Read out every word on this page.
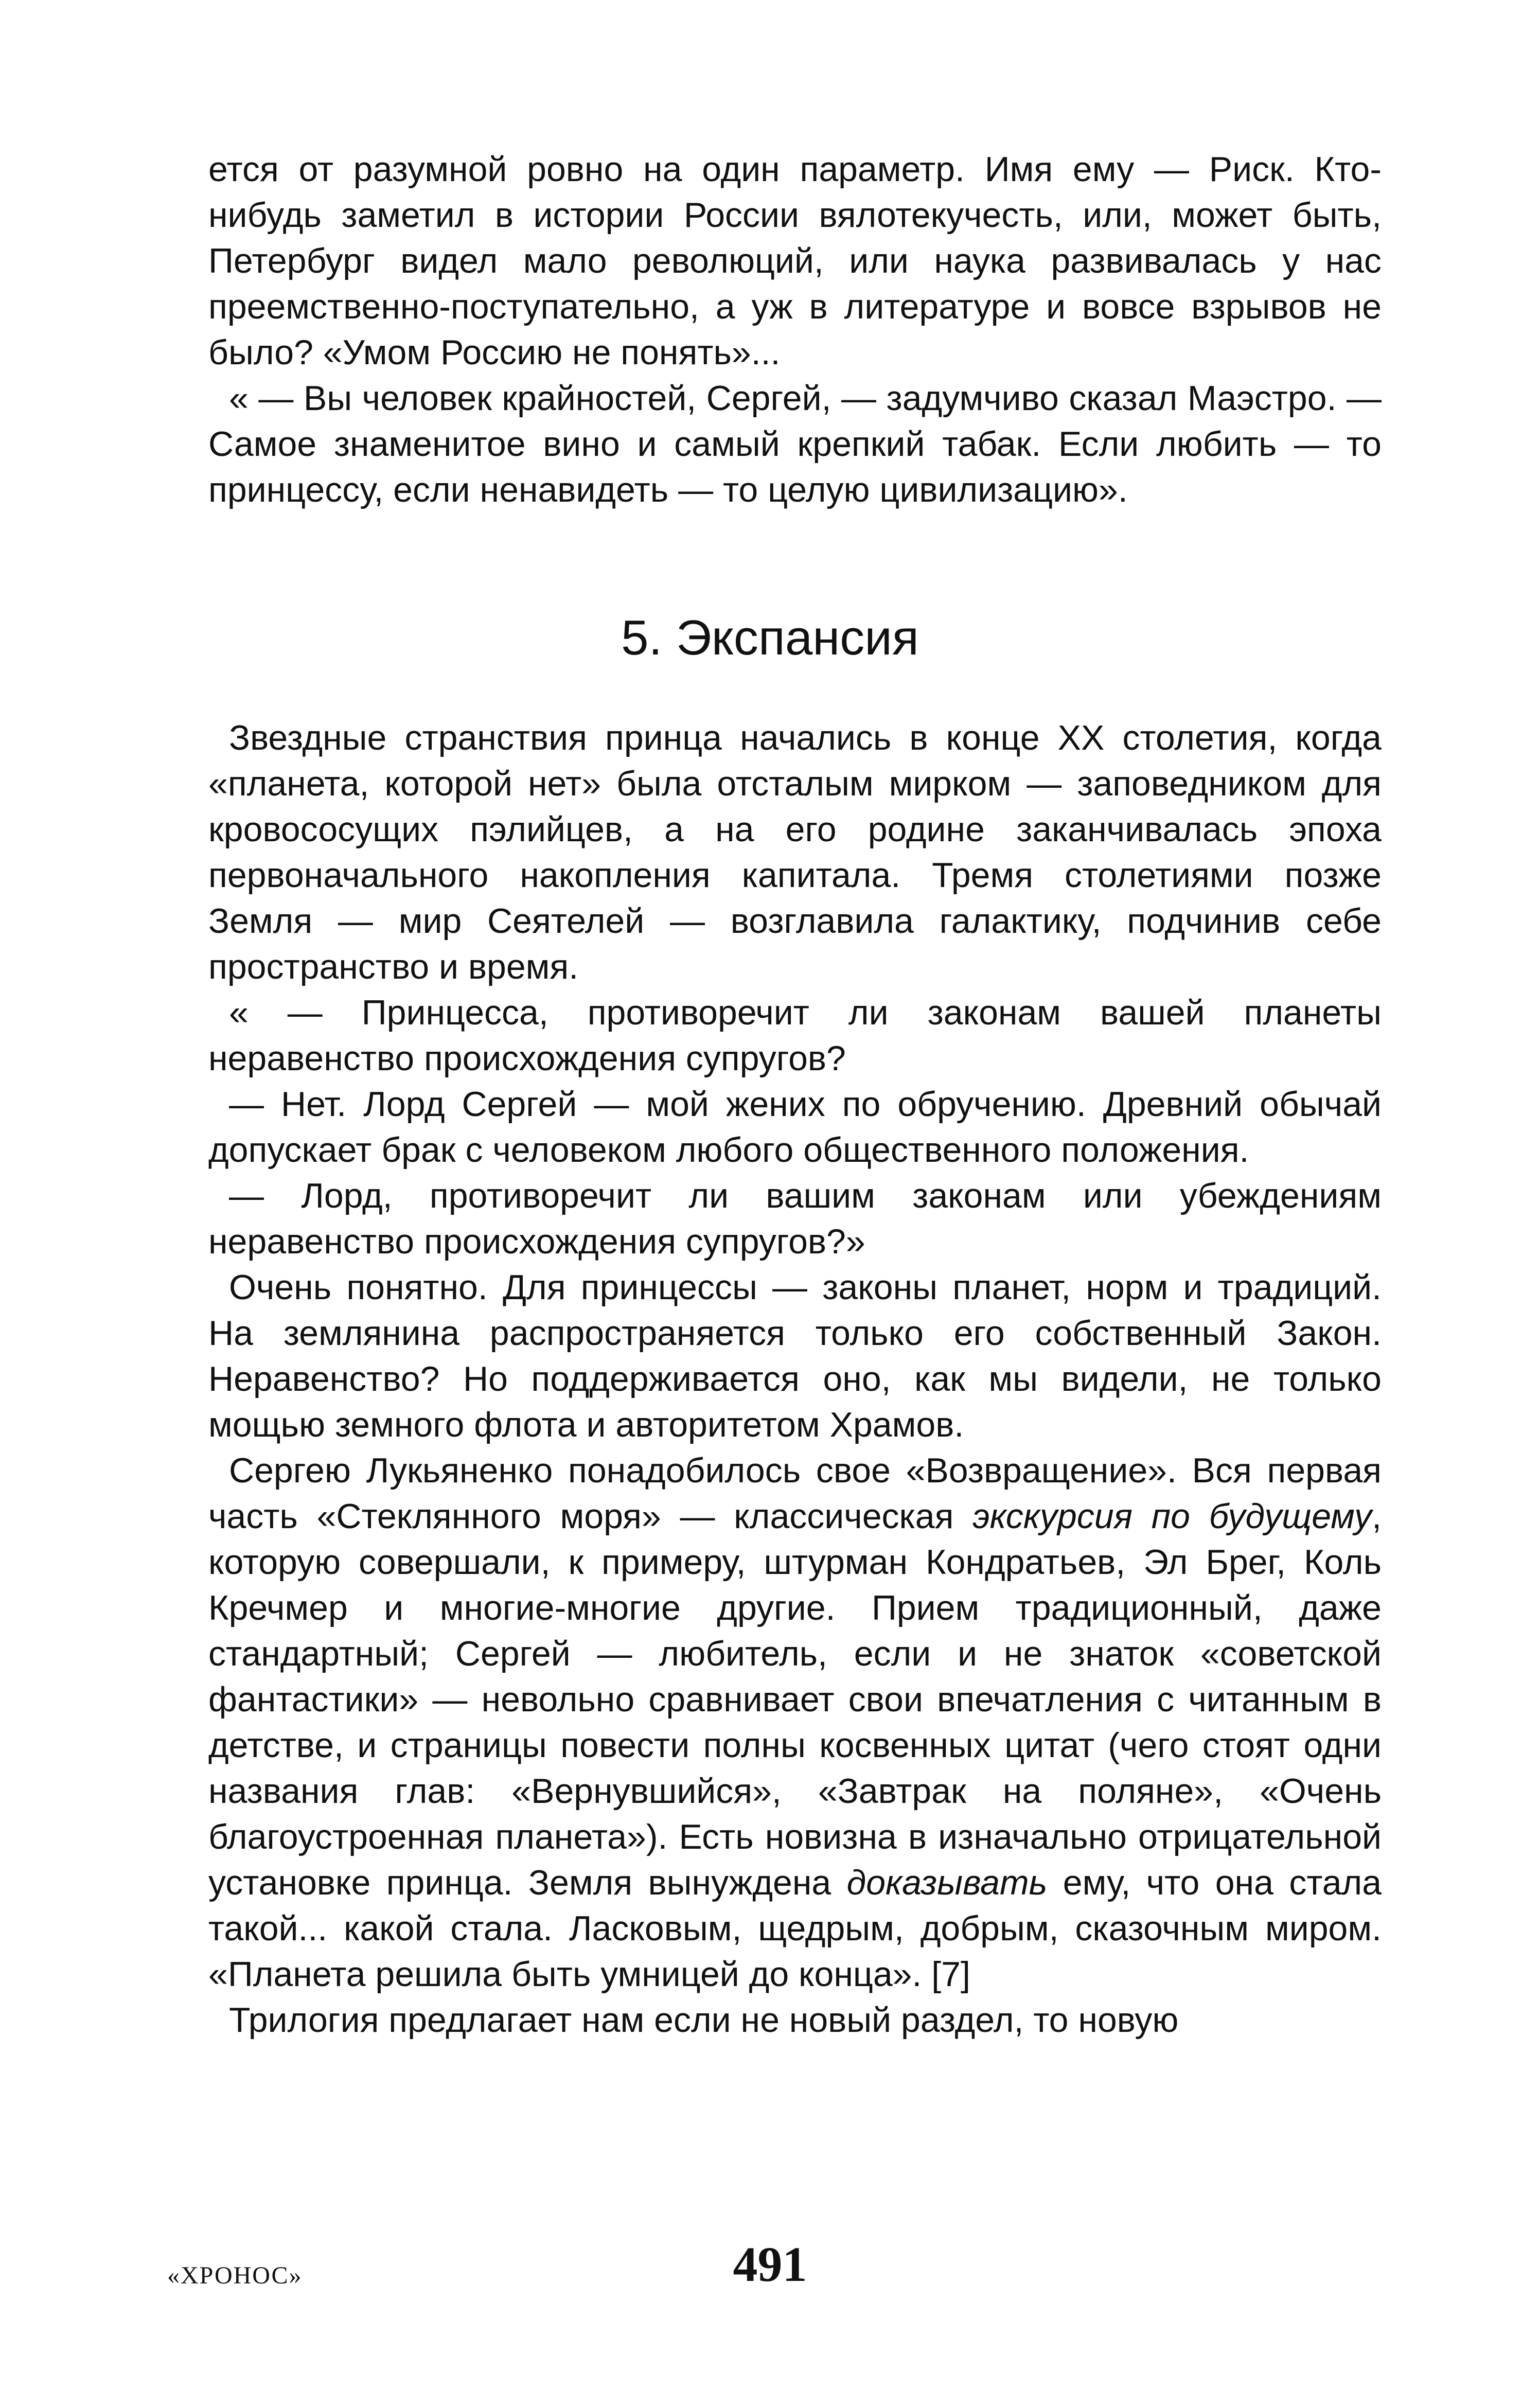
ется от разумной ровно на один параметр. Имя ему — Риск. Кто-нибудь заметил в истории России вялотекучесть, или, может быть, Петербург видел мало революций, или наука развивалась у нас преемственно-поступательно, а уж в литературе и вовсе взрывов не было? «Умом Россию не понять»...

« — Вы человек крайностей, Сергей, — задумчиво сказал Маэстро. — Самое знаменитое вино и самый крепкий табак. Если любить — то принцессу, если ненавидеть — то целую цивилизацию».

5. Экспансия

Звездные странствия принца начались в конце XX столетия, когда «планета, которой нет» была отсталым мирком — заповедником для кровососущих пэлийцев, а на его родине заканчивалась эпоха первоначального накопления капитала. Тремя столетиями позже Земля — мир Сеятелей — возглавила галактику, подчинив себе пространство и время.

« — Принцесса, противоречит ли законам вашей планеты неравенство происхождения супругов?

— Нет. Лорд Сергей — мой жених по обручению. Древний обычай допускает брак с человеком любого общественного положения.

— Лорд, противоречит ли вашим законам или убеждениям неравенство происхождения супругов?»

Очень понятно. Для принцессы — законы планет, норм и традиций. На землянина распространяется только его собственный Закон. Неравенство? Но поддерживается оно, как мы видели, не только мощью земного флота и авторитетом Храмов.

Сергею Лукьяненко понадобилось свое «Возвращение». Вся первая часть «Стеклянного моря» — классическая экскурсия по будущему, которую совершали, к примеру, штурман Кондратьев, Эл Брег, Коль Кречмер и многие-многие другие. Прием традиционный, даже стандартный; Сергей — любитель, если и не знаток «советской фантастики» — невольно сравнивает свои впечатления с читанным в детстве, и страницы повести полны косвенных цитат (чего стоят одни названия глав: «Вернувшийся», «Завтрак на поляне», «Очень благоустроенная планета»). Есть новизна в изначально отрицательной установке принца. Земля вынуждена доказывать ему, что она стала такой... какой стала. Ласковым, щедрым, добрым, сказочным миром. «Планета решила быть умницей до конца». [7]

Трилогия предлагает нам если не новый раздел, то новую

«ХРОНОС»	491
